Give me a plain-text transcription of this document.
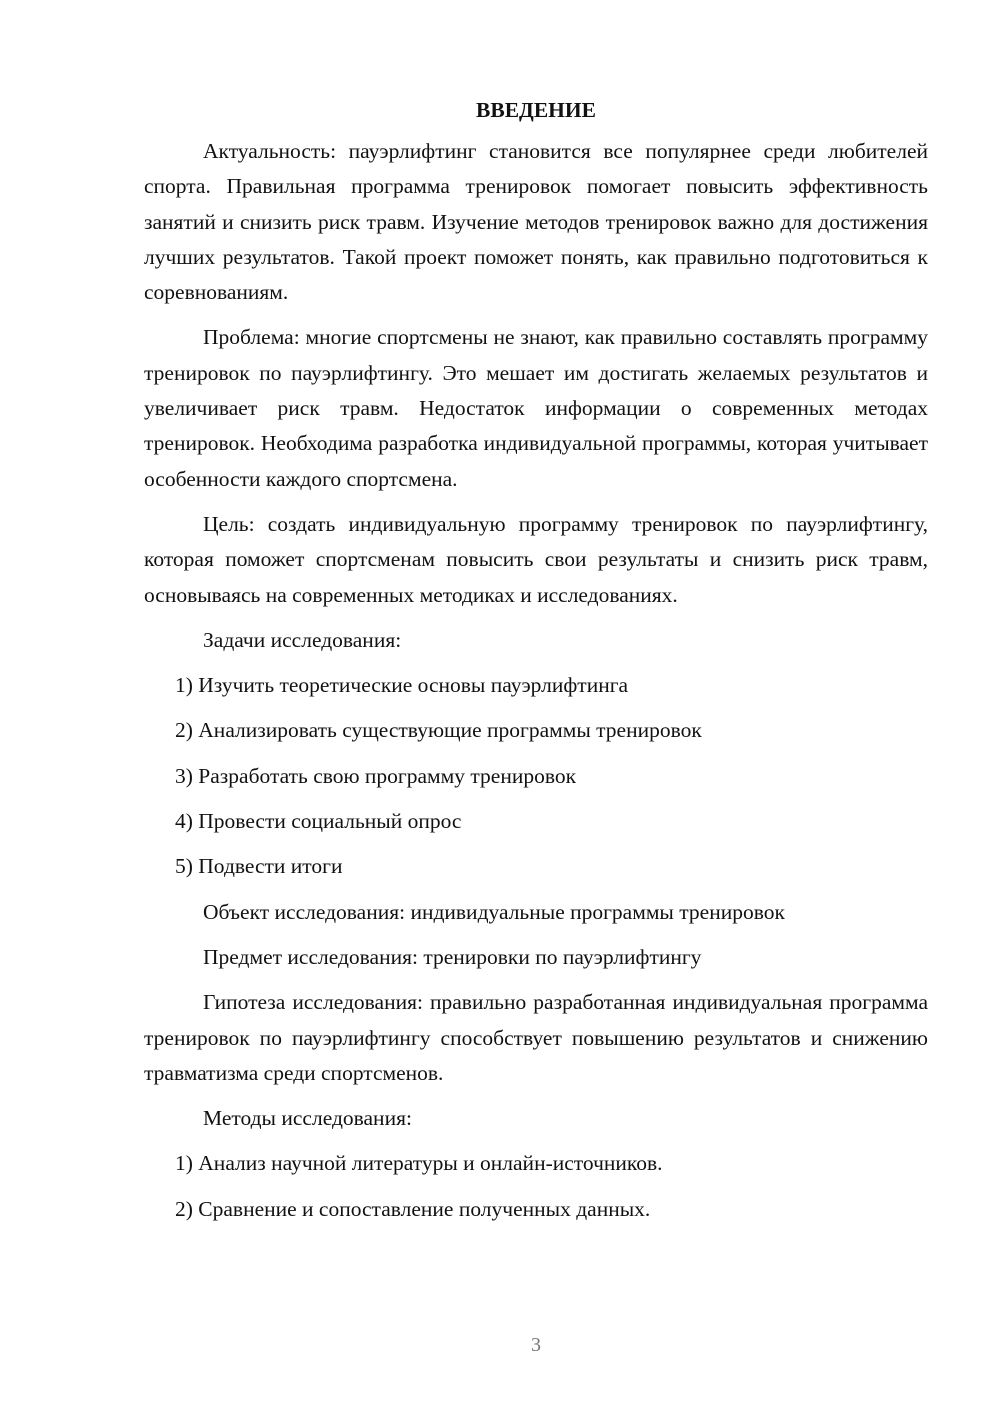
ВВЕДЕНИЕ

Актуальность: пауэрлифтинг становится все популярнее среди любителей спорта. Правильная программа тренировок помогает повысить эффективность занятий и снизить риск травм. Изучение методов тренировок важно для достижения лучших результатов. Такой проект поможет понять, как правильно подготовиться к соревнованиям.

Проблема: многие спортсмены не знают, как правильно составлять программу тренировок по пауэрлифтингу. Это мешает им достигать желаемых результатов и увеличивает риск травм. Недостаток информации о современных методах тренировок. Необходима разработка индивидуальной программы, которая учитывает особенности каждого спортсмена.

Цель: создать индивидуальную программу тренировок по пауэрлифтингу, которая поможет спортсменам повысить свои результаты и снизить риск травм, основываясь на современных методиках и исследованиях.

Задачи исследования:

1) Изучить теоретические основы пауэрлифтинга

2) Анализировать существующие программы тренировок

3) Разработать свою программу тренировок

4) Провести социальный опрос

5) Подвести итоги

Объект исследования: индивидуальные программы тренировок

Предмет исследования: тренировки по пауэрлифтингу

Гипотеза исследования: правильно разработанная индивидуальная программа тренировок по пауэрлифтингу способствует повышению результатов и снижению травматизма среди спортсменов.

Методы исследования:

1) Анализ научной литературы и онлайн-источников.

2) Сравнение и сопоставление полученных данных.

3
